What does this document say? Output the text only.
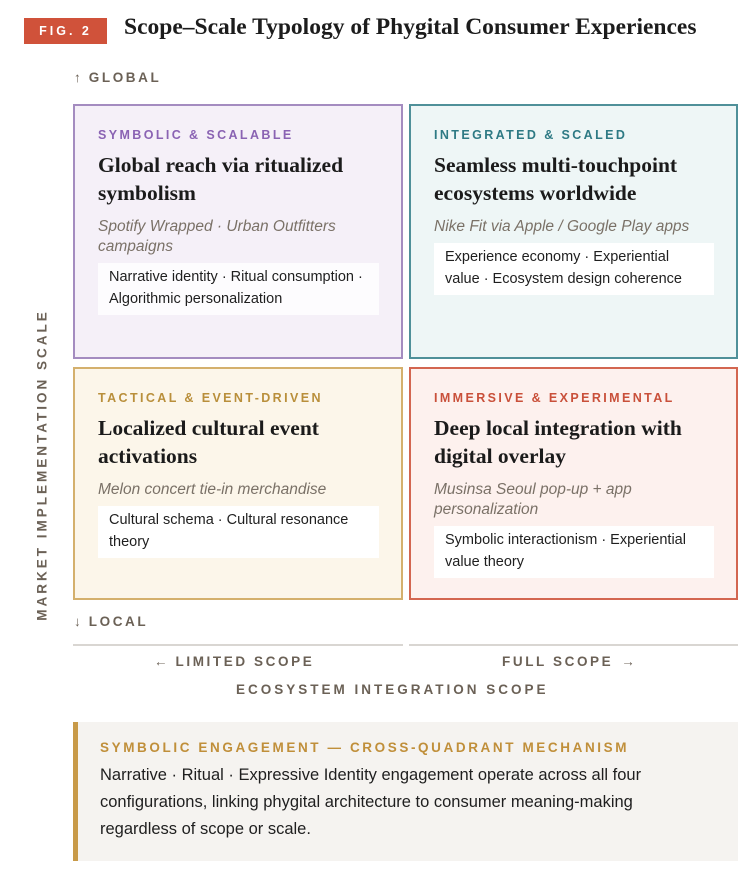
FIG. 2	Scope–Scale Typology of Phygital Consumer Experiences
↑ GLOBAL
MARKET IMPLEMENTATION SCALE
SYMBOLIC & SCALABLE
Global reach via ritualized symbolism
Spotify Wrapped · Urban Outfitters campaigns
Narrative identity · Ritual consumption · Algorithmic personalization
INTEGRATED & SCALED
Seamless multi-touchpoint ecosystems worldwide
Nike Fit via Apple / Google Play apps
Experience economy · Experiential value · Ecosystem design coherence
TACTICAL & EVENT-DRIVEN
Localized cultural event activations
Melon concert tie-in merchandise
Cultural schema · Cultural resonance theory
IMMERSIVE & EXPERIMENTAL
Deep local integration with digital overlay
Musinsa Seoul pop-up + app personalization
Symbolic interactionism · Experiential value theory
↓ LOCAL
← LIMITED SCOPE	FULL SCOPE →
ECOSYSTEM INTEGRATION SCOPE
SYMBOLIC ENGAGEMENT — CROSS-QUADRANT MECHANISM
Narrative · Ritual · Expressive Identity engagement operate across all four configurations, linking phygital architecture to consumer meaning-making regardless of scope or scale.
